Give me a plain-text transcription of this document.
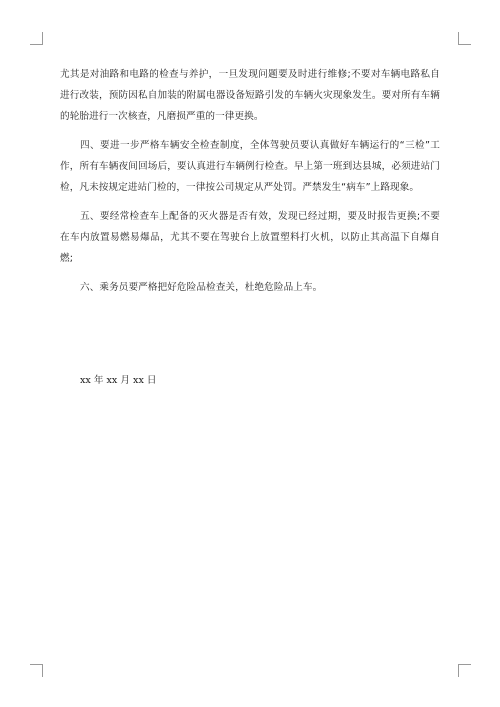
尤其是对油路和电路的检查与养护，一旦发现问题要及时进行维修;不要对车辆电路私自进行改装，预防因私自加装的附属电器设备短路引发的车辆火灾现象发生。要对所有车辆的轮胎进行一次核查，凡磨损严重的一律更换。

四、要进一步严格车辆安全检查制度，全体驾驶员要认真做好车辆运行的“三检”工作，所有车辆夜间回场后，要认真进行车辆例行检查。早上第一班到达县城，必须进站门检，凡未按规定进站门检的，一律按公司规定从严处罚。严禁发生“病车”上路现象。

五、要经常检查车上配备的灭火器是否有效，发现已经过期，要及时报告更换;不要在车内放置易燃易爆品，尤其不要在驾驶台上放置塑料打火机，以防止其高温下自爆自燃;

六、乘务员要严格把好危险品检查关，杜绝危险品上车。

xx 年 xx 月 xx 日
